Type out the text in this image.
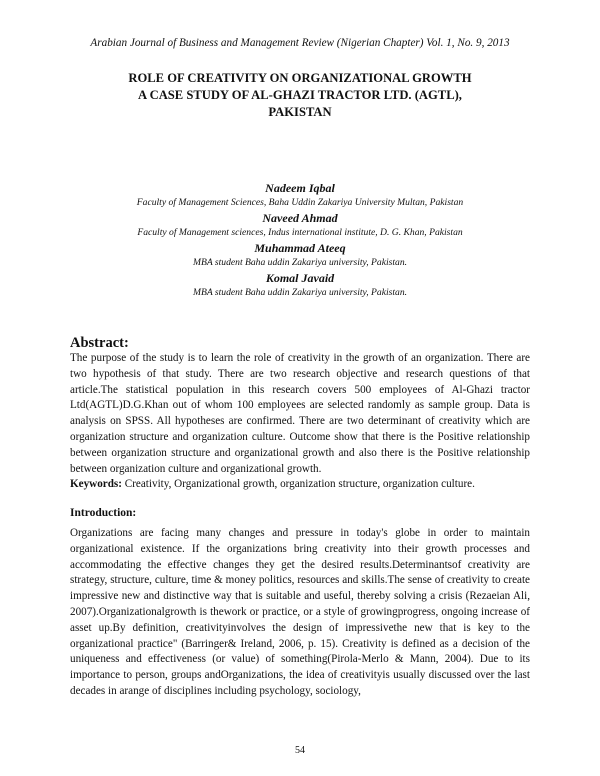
Arabian Journal of Business and Management Review (Nigerian Chapter) Vol. 1, No. 9, 2013
ROLE OF CREATIVITY ON ORGANIZATIONAL GROWTH
A CASE STUDY OF AL-GHAZI TRACTOR LTD. (AGTL),
PAKISTAN
Nadeem Iqbal
Faculty of Management Sciences, Baha Uddin Zakariya University Multan, Pakistan
Naveed Ahmad
Faculty of Management sciences, Indus international institute, D. G. Khan, Pakistan
Muhammad Ateeq
MBA student Baha uddin Zakariya university, Pakistan.
Komal Javaid
MBA student Baha uddin Zakariya university, Pakistan.
Abstract:
The purpose of the study is to learn the role of creativity in the growth of an organization. There are two hypothesis of that study. There are two research objective and research questions of that article.The statistical population in this research covers 500 employees of Al-Ghazi tractor Ltd(AGTL)D.G.Khan out of whom 100 employees are selected randomly as sample group. Data is analysis on SPSS. All hypotheses are confirmed. There are two determinant of creativity which are organization structure and organization culture. Outcome show that there is the Positive relationship between organization structure and organizational growth and also there is the Positive relationship between organization culture and organizational growth.
Keywords: Creativity, Organizational growth, organization structure, organization culture.
Introduction:
Organizations are facing many changes and pressure in today's globe in order to maintain organizational existence. If the organizations bring creativity into their growth processes and accommodating the effective changes they get the desired results.Determinantsof creativity are strategy, structure, culture, time & money politics, resources and skills.The sense of creativity to create impressive new and distinctive way that is suitable and useful, thereby solving a crisis (Rezaeian Ali, 2007).Organizationalgrowth is thework or practice, or a style of growingprogress, ongoing increase of asset up.By definition, creativityinvolves the design of impressivethe new that is key to the organizational practice" (Barringer& Ireland, 2006, p. 15). Creativity is defined as a decision of the uniqueness and effectiveness (or value) of something(Pirola-Merlo & Mann, 2004). Due to its importance to person, groups andOrganizations, the idea of creativityis usually discussed over the last decades in arange of disciplines including psychology, sociology,
54
